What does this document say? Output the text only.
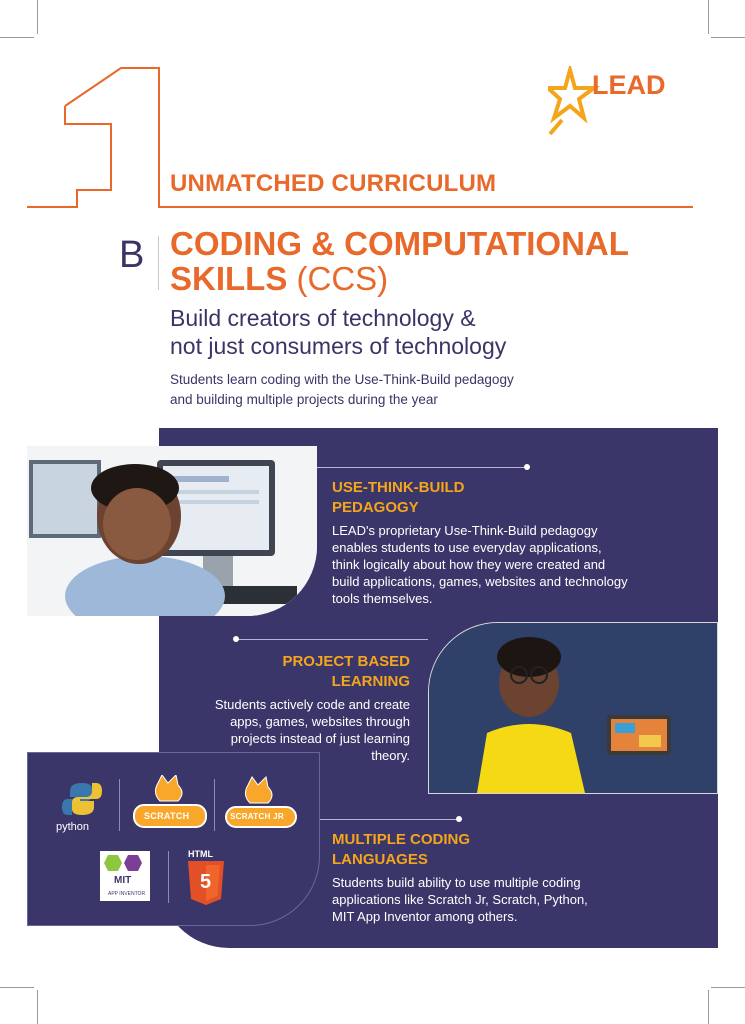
UNMATCHED CURRICULUM
LEAD
B CODING & COMPUTATIONAL
SKILLS (CCS)
Build creators of technology &
not just consumers of technology
Students learn coding with the Use-Think-Build pedagogy
and building multiple projects during the year
USE-THINK-BUILD
PEDAGOGY
LEAD's proprietary Use-Think-Build pedagogy
enables students to use everyday applications,
think logically about how they were created and
build applications, games, websites and technology
tools themselves.
PROJECT BASED
LEARNING
Students actively code and create
apps, games, websites through
projects instead of just learning
theory.
MULTIPLE CODING
LANGUAGES
Students build ability to use multiple coding
applications like Scratch Jr, Scratch, Python,
MIT App Inventor among others.
python
SCRATCH	SCRATCH JR
MIT
APP INVENTOR
HTML
5
